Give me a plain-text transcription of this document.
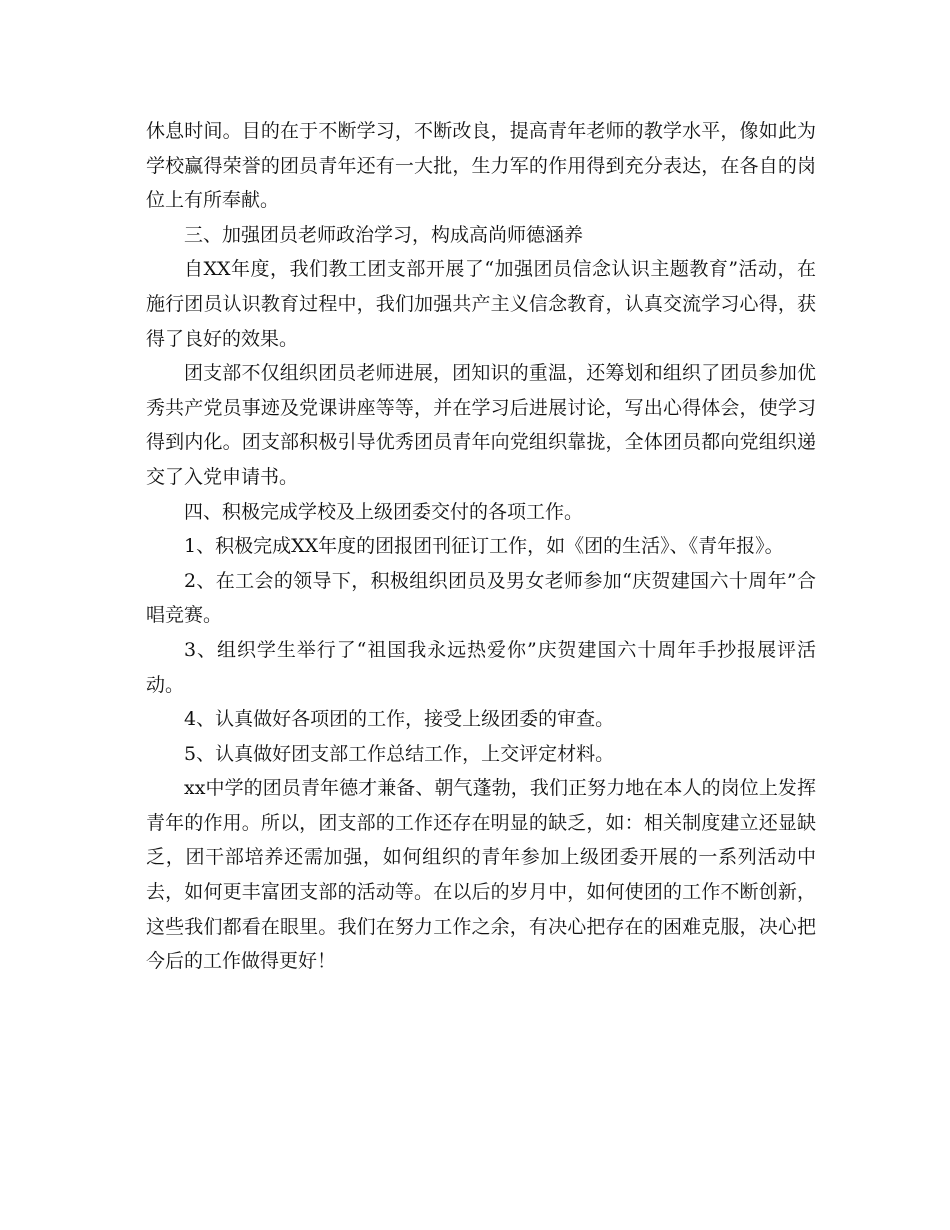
休息时间。目的在于不断学习，不断改良，提高青年老师的教学水平，像如此为学校赢得荣誉的团员青年还有一大批，生力军的作用得到充分表达，在各自的岗位上有所奉献。

三、加强团员老师政治学习，构成高尚师德涵养

自XX年度，我们教工团支部开展了“加强团员信念认识主题教育”活动，在施行团员认识教育过程中，我们加强共产主义信念教育，认真交流学习心得，获得了良好的效果。

团支部不仅组织团员老师进展，团知识的重温，还筹划和组织了团员参加优秀共产党员事迹及党课讲座等等，并在学习后进展讨论，写出心得体会，使学习得到内化。团支部积极引导优秀团员青年向党组织靠拢，全体团员都向党组织递交了入党申请书。

四、积极完成学校及上级团委交付的各项工作。

1、积极完成XX年度的团报团刊征订工作，如《团的生活》、《青年报》。

2、在工会的领导下，积极组织团员及男女老师参加“庆贺建国六十周年”合唱竞赛。

3、组织学生举行了“祖国我永远热爱你”庆贺建国六十周年手抄报展评活动。

4、认真做好各项团的工作，接受上级团委的审查。

5、认真做好团支部工作总结工作，上交评定材料。

xx中学的团员青年德才兼备、朝气蓬勃，我们正努力地在本人的岗位上发挥青年的作用。所以，团支部的工作还存在明显的缺乏，如：相关制度建立还显缺乏，团干部培养还需加强，如何组织的青年参加上级团委开展的一系列活动中去，如何更丰富团支部的活动等。在以后的岁月中，如何使团的工作不断创新，这些我们都看在眼里。我们在努力工作之余，有决心把存在的困难克服，决心把今后的工作做得更好！
